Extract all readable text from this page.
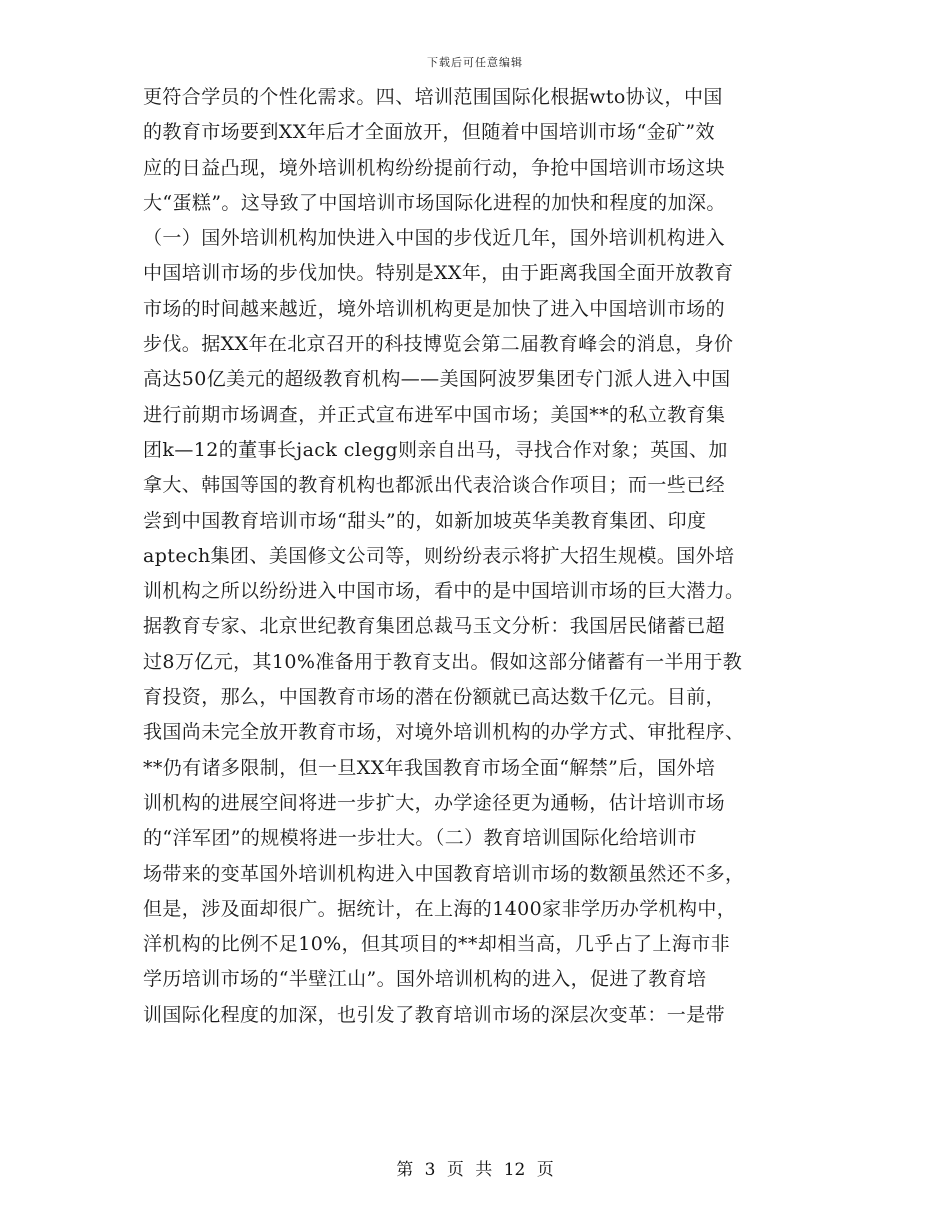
下载后可任意编辑
更符合学员的个性化需求。四、培训范围国际化根据wto协议，中国
的教育市场要到XX年后才全面放开，但随着中国培训市场“金矿”效
应的日益凸现，境外培训机构纷纷提前行动，争抢中国培训市场这块
大“蛋糕”。这导致了中国培训市场国际化进程的加快和程度的加深。
（一）国外培训机构加快进入中国的步伐近几年，国外培训机构进入
中国培训市场的步伐加快。特别是XX年，由于距离我国全面开放教育
市场的时间越来越近，境外培训机构更是加快了进入中国培训市场的
步伐。据XX年在北京召开的科技博览会第二届教育峰会的消息，身价
高达50亿美元的超级教育机构——美国阿波罗集团专门派人进入中国
进行前期市场调查，并正式宣布进军中国市场；美国**的私立教育集
团k—12的董事长jack clegg则亲自出马，寻找合作对象；英国、加
拿大、韩国等国的教育机构也都派出代表洽谈合作项目；而一些已经
尝到中国教育培训市场“甜头”的，如新加坡英华美教育集团、印度
aptech集团、美国修文公司等，则纷纷表示将扩大招生规模。国外培
训机构之所以纷纷进入中国市场，看中的是中国培训市场的巨大潜力。
据教育专家、北京世纪教育集团总裁马玉文分析：我国居民储蓄已超
过8万亿元，其10%准备用于教育支出。假如这部分储蓄有一半用于教
育投资，那么，中国教育市场的潜在份额就已高达数千亿元。目前，
我国尚未完全放开教育市场，对境外培训机构的办学方式、审批程序、
**仍有诸多限制，但一旦XX年我国教育市场全面“解禁”后，国外培
训机构的进展空间将进一步扩大，办学途径更为通畅，估计培训市场
的“洋军团”的规模将进一步壮大。（二）教育培训国际化给培训市
场带来的变革国外培训机构进入中国教育培训市场的数额虽然还不多，
但是，涉及面却很广。据统计，在上海的1400家非学历办学机构中，
洋机构的比例不足10%，但其项目的**却相当高，几乎占了上海市非
学历培训市场的“半壁江山”。国外培训机构的进入，促进了教育培
训国际化程度的加深，也引发了教育培训市场的深层次变革：一是带
第 3 页 共 12 页
